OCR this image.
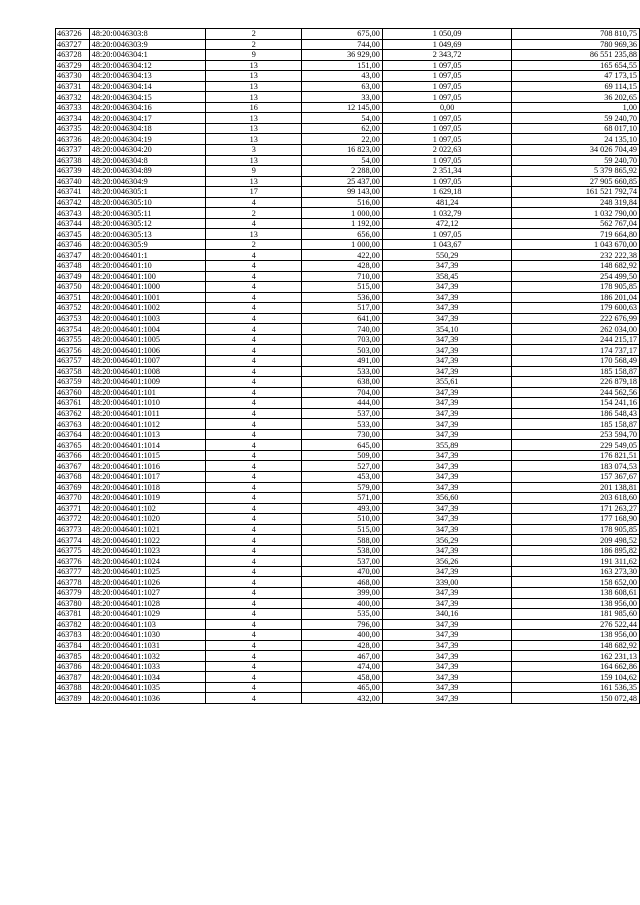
463726	48:20:0046303:8	2	675,00	1 050,09	708 810,75
463727	48:20:0046303:9	2	744,00	1 049,69	780 969,36
463728	48:20:0046304:1	9	36 929,00	2 343,72	86 551 235,88
463729	48:20:0046304:12	13	151,00	1 097,05	165 654,55
463730	48:20:0046304:13	13	43,00	1 097,05	47 173,15
463731	48:20:0046304:14	13	63,00	1 097,05	69 114,15
463732	48:20:0046304:15	13	33,00	1 097,05	36 202,65
463733	48:20:0046304:16	16	12 145,00	0,00	1,00
463734	48:20:0046304:17	13	54,00	1 097,05	59 240,70
463735	48:20:0046304:18	13	62,00	1 097,05	68 017,10
463736	48:20:0046304:19	13	22,00	1 097,05	24 135,10
463737	48:20:0046304:20	3	16 823,00	2 022,63	34 026 704,49
463738	48:20:0046304:8	13	54,00	1 097,05	59 240,70
463739	48:20:0046304:89	9	2 288,00	2 351,34	5 379 865,92
463740	48:20:0046304:9	13	25 437,00	1 097,05	27 905 660,85
463741	48:20:0046305:1	17	99 143,00	1 629,18	161 521 792,74
463742	48:20:0046305:10	4	516,00	481,24	248 319,84
463743	48:20:0046305:11	2	1 000,00	1 032,79	1 032 790,00
463744	48:20:0046305:12	4	1 192,00	472,12	562 767,04
463745	48:20:0046305:13	13	656,00	1 097,05	719 664,80
463746	48:20:0046305:9	2	1 000,00	1 043,67	1 043 670,00
463747	48:20:0046401:1	4	422,00	550,29	232 222,38
463748	48:20:0046401:10	4	428,00	347,39	148 682,92
463749	48:20:0046401:100	4	710,00	358,45	254 499,50
463750	48:20:0046401:1000	4	515,00	347,39	178 905,85
463751	48:20:0046401:1001	4	536,00	347,39	186 201,04
463752	48:20:0046401:1002	4	517,00	347,39	179 600,63
463753	48:20:0046401:1003	4	641,00	347,39	222 676,99
463754	48:20:0046401:1004	4	740,00	354,10	262 034,00
463755	48:20:0046401:1005	4	703,00	347,39	244 215,17
463756	48:20:0046401:1006	4	503,00	347,39	174 737,17
463757	48:20:0046401:1007	4	491,00	347,39	170 568,49
463758	48:20:0046401:1008	4	533,00	347,39	185 158,87
463759	48:20:0046401:1009	4	638,00	355,61	226 879,18
463760	48:20:0046401:101	4	704,00	347,39	244 562,56
463761	48:20:0046401:1010	4	444,00	347,39	154 241,16
463762	48:20:0046401:1011	4	537,00	347,39	186 548,43
463763	48:20:0046401:1012	4	533,00	347,39	185 158,87
463764	48:20:0046401:1013	4	730,00	347,39	253 594,70
463765	48:20:0046401:1014	4	645,00	355,89	229 549,05
463766	48:20:0046401:1015	4	509,00	347,39	176 821,51
463767	48:20:0046401:1016	4	527,00	347,39	183 074,53
463768	48:20:0046401:1017	4	453,00	347,39	157 367,67
463769	48:20:0046401:1018	4	579,00	347,39	201 138,81
463770	48:20:0046401:1019	4	571,00	356,60	203 618,60
463771	48:20:0046401:102	4	493,00	347,39	171 263,27
463772	48:20:0046401:1020	4	510,00	347,39	177 168,90
463773	48:20:0046401:1021	4	515,00	347,39	178 905,85
463774	48:20:0046401:1022	4	588,00	356,29	209 498,52
463775	48:20:0046401:1023	4	538,00	347,39	186 895,82
463776	48:20:0046401:1024	4	537,00	356,26	191 311,62
463777	48:20:0046401:1025	4	470,00	347,39	163 273,30
463778	48:20:0046401:1026	4	468,00	339,00	158 652,00
463779	48:20:0046401:1027	4	399,00	347,39	138 608,61
463780	48:20:0046401:1028	4	400,00	347,39	138 956,00
463781	48:20:0046401:1029	4	535,00	340,16	181 985,60
463782	48:20:0046401:103	4	796,00	347,39	276 522,44
463783	48:20:0046401:1030	4	400,00	347,39	138 956,00
463784	48:20:0046401:1031	4	428,00	347,39	148 682,92
463785	48:20:0046401:1032	4	467,00	347,39	162 231,13
463786	48:20:0046401:1033	4	474,00	347,39	164 662,86
463787	48:20:0046401:1034	4	458,00	347,39	159 104,62
463788	48:20:0046401:1035	4	465,00	347,39	161 536,35
463789	48:20:0046401:1036	4	432,00	347,39	150 072,48
